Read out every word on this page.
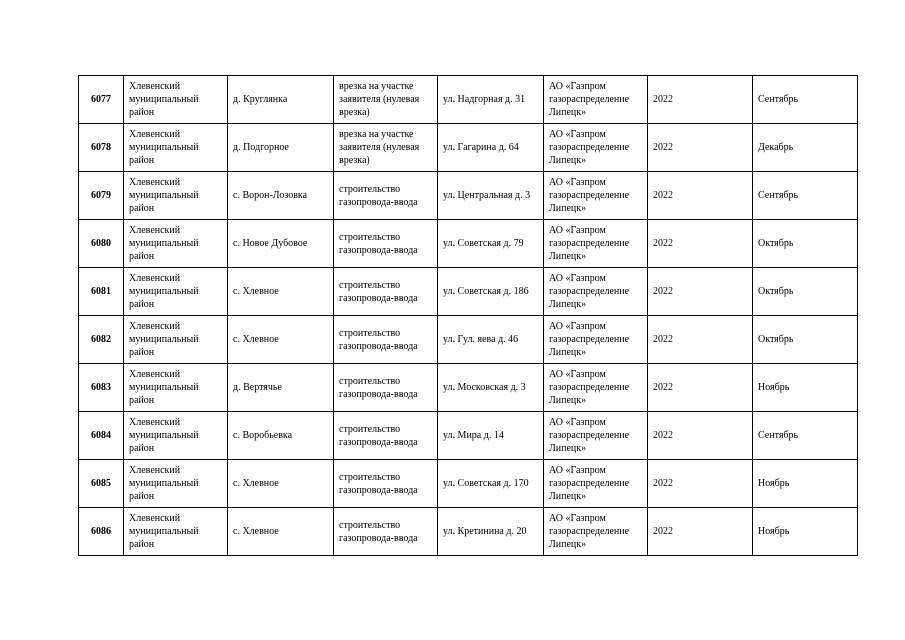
6077	Хлевенский муниципальный район	д. Круглянка	врезка на участке заявителя (нулевая врезка)	ул. Надгорная д. 31	АО «Газпром газораспределение Липецк»	2022	Сентябрь
6078	Хлевенский муниципальный район	д. Подгорное	врезка на участке заявителя (нулевая врезка)	ул. Гагарина д. 64	АО «Газпром газораспределение Липецк»	2022	Декабрь
6079	Хлевенский муниципальный район	с. Ворон-Лозовка	строительство газопровода-ввода	ул. Центральная д. 3	АО «Газпром газораспределение Липецк»	2022	Сентябрь
6080	Хлевенский муниципальный район	с. Новое Дубовое	строительство газопровода-ввода	ул. Советская д. 79	АО «Газпром газораспределение Липецк»	2022	Октябрь
6081	Хлевенский муниципальный район	с. Хлевное	строительство газопровода-ввода	ул. Советская д. 186	АО «Газпром газораспределение Липецк»	2022	Октябрь
6082	Хлевенский муниципальный район	с. Хлевное	строительство газопровода-ввода	ул. Гул. яева д. 46	АО «Газпром газораспределение Липецк»	2022	Октябрь
6083	Хлевенский муниципальный район	д. Вертячье	строительство газопровода-ввода	ул. Московская д. 3	АО «Газпром газораспределение Липецк»	2022	Ноябрь
6084	Хлевенский муниципальный район	с. Воробьевка	строительство газопровода-ввода	ул. Мира д. 14	АО «Газпром газораспределение Липецк»	2022	Сентябрь
6085	Хлевенский муниципальный район	с. Хлевное	строительство газопровода-ввода	ул. Советская д. 170	АО «Газпром газораспределение Липецк»	2022	Ноябрь
6086	Хлевенский муниципальный район	с. Хлевное	строительство газопровода-ввода	ул. Кретинина д. 20	АО «Газпром газораспределение Липецк»	2022	Ноябрь
